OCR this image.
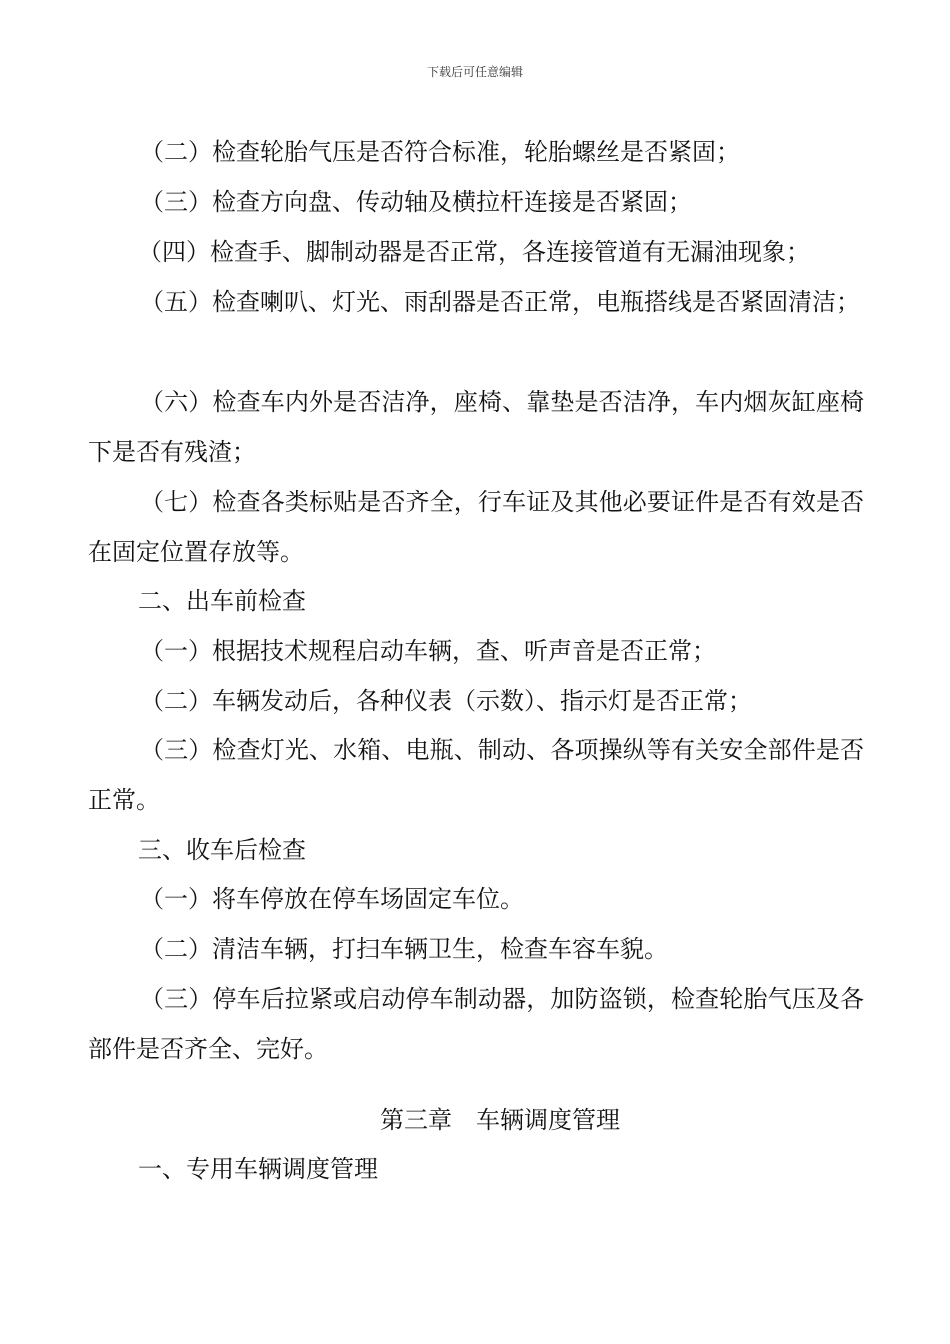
下载后可任意编辑

（二）检查轮胎气压是否符合标准，轮胎螺丝是否紧固；

（三）检查方向盘、传动轴及横拉杆连接是否紧固；

（四）检查手、脚制动器是否正常，各连接管道有无漏油现象；

（五）检查喇叭、灯光、雨刮器是否正常，电瓶搭线是否紧固清洁；

（六）检查车内外是否洁净，座椅、靠垫是否洁净，车内烟灰缸座椅下是否有残渣；

（七）检查各类标贴是否齐全，行车证及其他必要证件是否有效是否在固定位置存放等。

二、出车前检查

（一）根据技术规程启动车辆，查、听声音是否正常；

（二）车辆发动后，各种仪表（示数）、指示灯是否正常；

（三）检查灯光、水箱、电瓶、制动、各项操纵等有关安全部件是否正常。

三、收车后检查

（一）将车停放在停车场固定车位。

（二）清洁车辆，打扫车辆卫生，检查车容车貌。

（三）停车后拉紧或启动停车制动器，加防盗锁，检查轮胎气压及各部件是否齐全、完好。

第三章　车辆调度管理
一、专用车辆调度管理
